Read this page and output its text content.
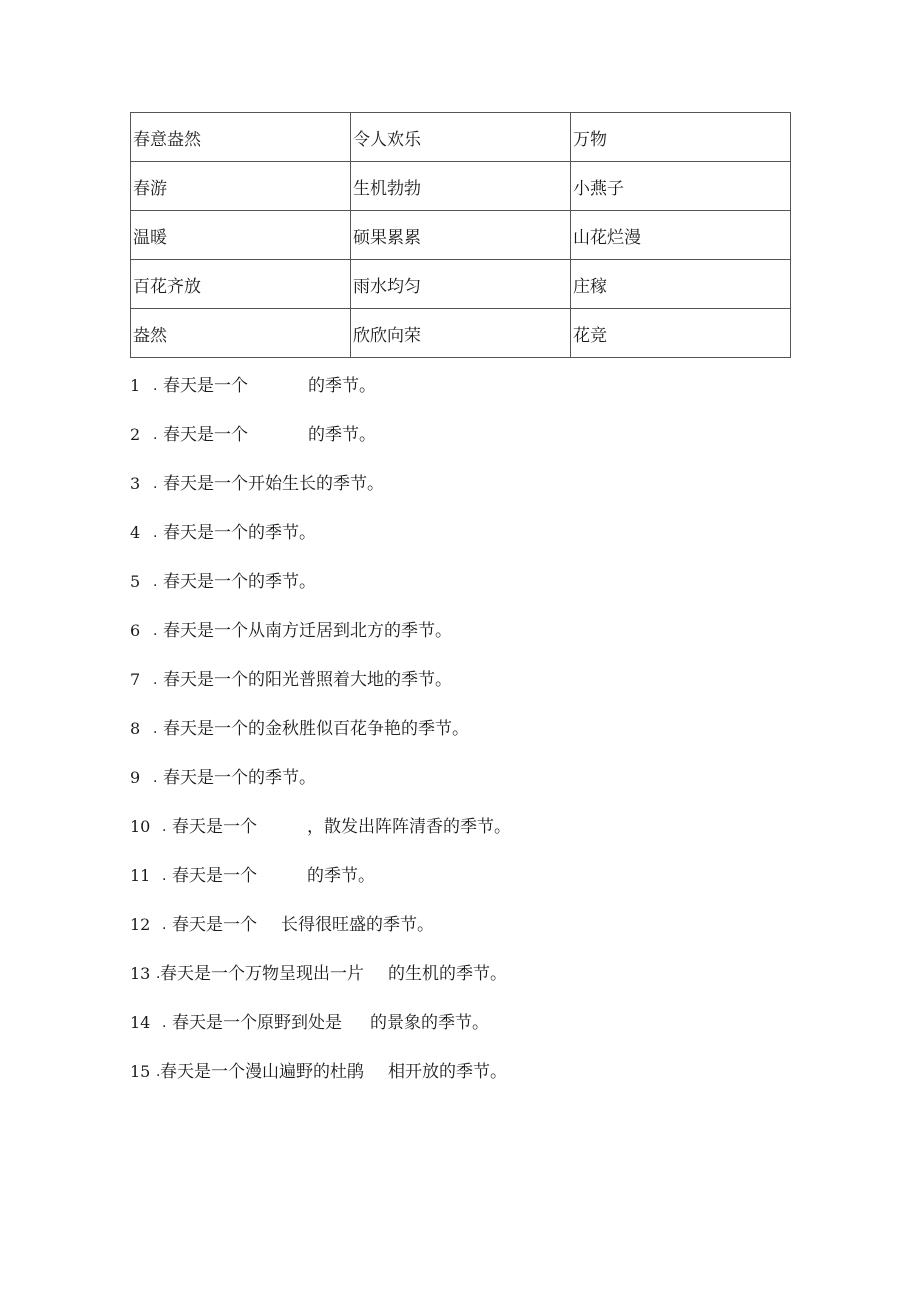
春意盎然	令人欢乐	万物
春游	生机勃勃	小燕子
温暖	硕果累累	山花烂漫
百花齐放	雨水均匀	庄稼
盎然	欣欣向荣	花竞
1 . 春天是一个	的季节。
2 . 春天是一个	的季节。
3 . 春天是一个开始生长的季节。
4 . 春天是一个的季节。
5 . 春天是一个的季节。
6 . 春天是一个从南方迁居到北方的季节。
7 . 春天是一个的阳光普照着大地的季节。
8 . 春天是一个的金秋胜似百花争艳的季节。
9 . 春天是一个的季节。
10 . 春天是一个	，散发出阵阵清香的季节。
11 . 春天是一个	的季节。
12 . 春天是一个 长得很旺盛的季节。
13 . 春天是一个万物呈现出一片 的生机的季节。
14 . 春天是一个原野到处是 的景象的季节。
15 . 春天是一个漫山遍野的杜鹃 相开放的季节。
